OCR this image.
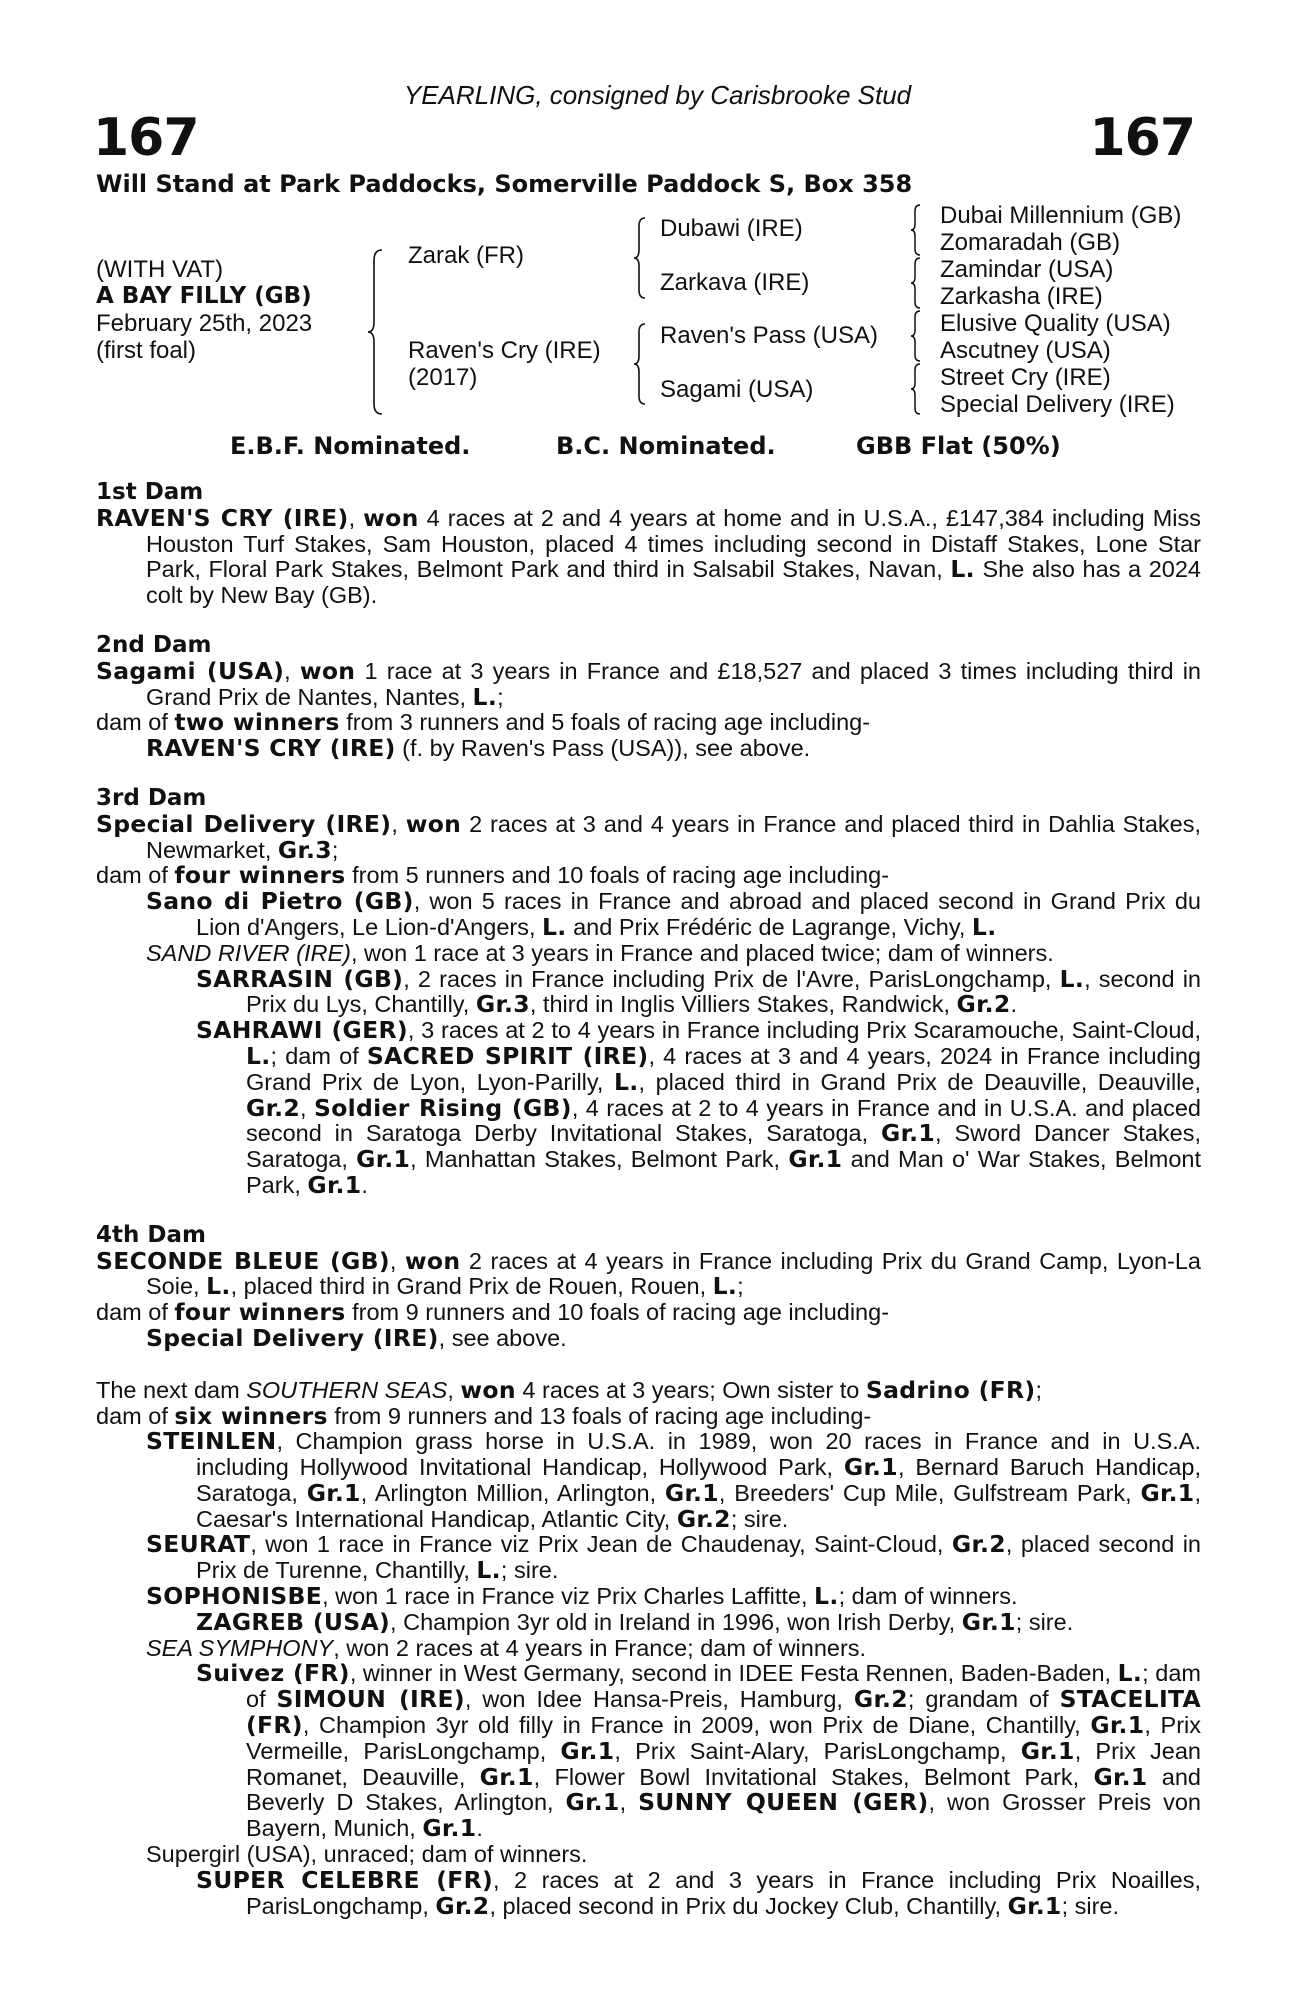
YEARLING, consigned by Carisbrooke Stud
167	167
Will Stand at Park Paddocks, Somerville Paddock S, Box 358
(WITH VAT)
A BAY FILLY (GB)
February 25th, 2023
(first foal)
Zarak (FR)
Raven's Cry (IRE)
(2017)
Dubawi (IRE)
Zarkava (IRE)
Raven's Pass (USA)
Sagami (USA)
Dubai Millennium (GB)
Zomaradah (GB)
Zamindar (USA)
Zarkasha (IRE)
Elusive Quality (USA)
Ascutney (USA)
Street Cry (IRE)
Special Delivery (IRE)
E.B.F. Nominated.	B.C. Nominated.	GBB Flat (50%)
1st Dam
RAVEN'S CRY (IRE), won 4 races at 2 and 4 years at home and in U.S.A., £147,384 including Miss Houston Turf Stakes, Sam Houston, placed 4 times including second in Distaff Stakes, Lone Star Park, Floral Park Stakes, Belmont Park and third in Salsabil Stakes, Navan, L. She also has a 2024 colt by New Bay (GB).
2nd Dam
Sagami (USA), won 1 race at 3 years in France and £18,527 and placed 3 times including third in Grand Prix de Nantes, Nantes, L.;
dam of two winners from 3 runners and 5 foals of racing age including-
RAVEN'S CRY (IRE) (f. by Raven's Pass (USA)), see above.
3rd Dam
Special Delivery (IRE), won 2 races at 3 and 4 years in France and placed third in Dahlia Stakes, Newmarket, Gr.3;
dam of four winners from 5 runners and 10 foals of racing age including-
Sano di Pietro (GB), won 5 races in France and abroad and placed second in Grand Prix du Lion d'Angers, Le Lion-d'Angers, L. and Prix Frédéric de Lagrange, Vichy, L.
SAND RIVER (IRE), won 1 race at 3 years in France and placed twice; dam of winners.
SARRASIN (GB), 2 races in France including Prix de l'Avre, ParisLongchamp, L., second in Prix du Lys, Chantilly, Gr.3, third in Inglis Villiers Stakes, Randwick, Gr.2.
SAHRAWI (GER), 3 races at 2 to 4 years in France including Prix Scaramouche, Saint-Cloud, L.; dam of SACRED SPIRIT (IRE), 4 races at 3 and 4 years, 2024 in France including Grand Prix de Lyon, Lyon-Parilly, L., placed third in Grand Prix de Deauville, Deauville, Gr.2, Soldier Rising (GB), 4 races at 2 to 4 years in France and in U.S.A. and placed second in Saratoga Derby Invitational Stakes, Saratoga, Gr.1, Sword Dancer Stakes, Saratoga, Gr.1, Manhattan Stakes, Belmont Park, Gr.1 and Man o' War Stakes, Belmont Park, Gr.1.
4th Dam
SECONDE BLEUE (GB), won 2 races at 4 years in France including Prix du Grand Camp, Lyon-La Soie, L., placed third in Grand Prix de Rouen, Rouen, L.;
dam of four winners from 9 runners and 10 foals of racing age including-
Special Delivery (IRE), see above.
The next dam SOUTHERN SEAS, won 4 races at 3 years; Own sister to Sadrino (FR);
dam of six winners from 9 runners and 13 foals of racing age including-
STEINLEN, Champion grass horse in U.S.A. in 1989, won 20 races in France and in U.S.A. including Hollywood Invitational Handicap, Hollywood Park, Gr.1, Bernard Baruch Handicap, Saratoga, Gr.1, Arlington Million, Arlington, Gr.1, Breeders' Cup Mile, Gulfstream Park, Gr.1, Caesar's International Handicap, Atlantic City, Gr.2; sire.
SEURAT, won 1 race in France viz Prix Jean de Chaudenay, Saint-Cloud, Gr.2, placed second in Prix de Turenne, Chantilly, L.; sire.
SOPHONISBE, won 1 race in France viz Prix Charles Laffitte, L.; dam of winners.
ZAGREB (USA), Champion 3yr old in Ireland in 1996, won Irish Derby, Gr.1; sire.
SEA SYMPHONY, won 2 races at 4 years in France; dam of winners.
Suivez (FR), winner in West Germany, second in IDEE Festa Rennen, Baden-Baden, L.; dam of SIMOUN (IRE), won Idee Hansa-Preis, Hamburg, Gr.2; grandam of STACELITA (FR), Champion 3yr old filly in France in 2009, won Prix de Diane, Chantilly, Gr.1, Prix Vermeille, ParisLongchamp, Gr.1, Prix Saint-Alary, ParisLongchamp, Gr.1, Prix Jean Romanet, Deauville, Gr.1, Flower Bowl Invitational Stakes, Belmont Park, Gr.1 and Beverly D Stakes, Arlington, Gr.1, SUNNY QUEEN (GER), won Grosser Preis von Bayern, Munich, Gr.1.
Supergirl (USA), unraced; dam of winners.
SUPER CELEBRE (FR), 2 races at 2 and 3 years in France including Prix Noailles, ParisLongchamp, Gr.2, placed second in Prix du Jockey Club, Chantilly, Gr.1; sire.
